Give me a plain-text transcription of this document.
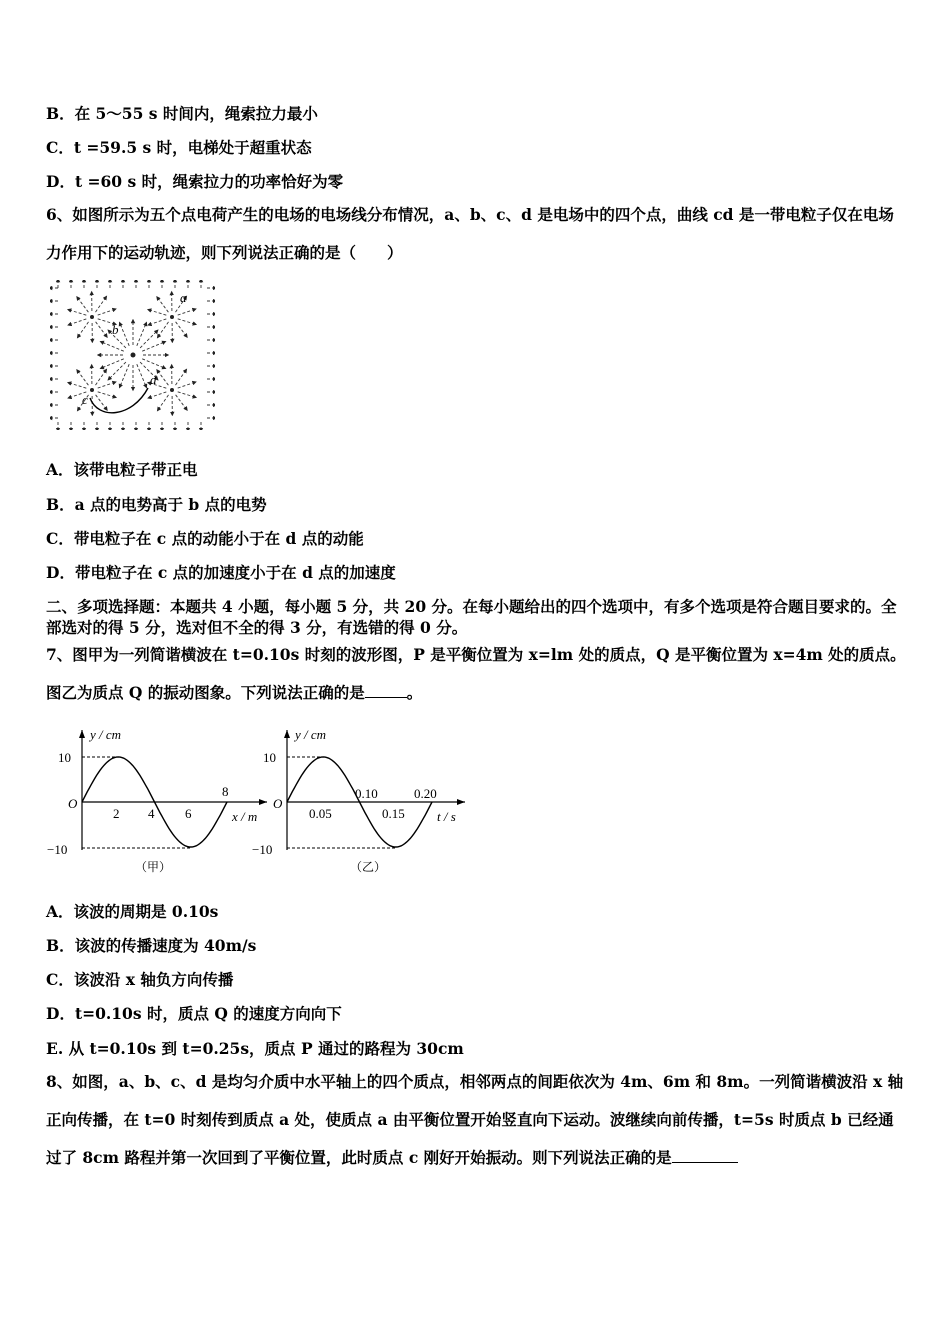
B．在 5～55 s 时间内，绳索拉力最小
C．t =59.5 s 时，电梯处于超重状态
D．t =60 s 时，绳索拉力的功率恰好为零
6、如图所示为五个点电荷产生的电场的电场线分布情况，a、b、c、d 是电场中的四个点，曲线 cd 是一带电粒子仅在电场力作用下的运动轨迹，则下列说法正确的是（　　）
a
b
c
d
A．该带电粒子带正电
B．a 点的电势高于 b 点的电势
C．带电粒子在 c 点的动能小于在 d 点的动能
D．带电粒子在 c 点的加速度小于在 d 点的加速度
二、多项选择题：本题共 4 小题，每小题 5 分，共 20 分。在每小题给出的四个选项中，有多个选项是符合题目要求的。全部选对的得 5 分，选对但不全的得 3 分，有选错的得 0 分。
7、图甲为一列简谐横波在 t=0.10s 时刻的波形图，P 是平衡位置为 x=lm 处的质点，Q 是平衡位置为 x=4m 处的质点。图乙为质点 Q 的振动图象。下列说法正确的是	。
y / cm
10
−10
O
2 4 6
8
x / m
（甲）
y / cm
10
−10
O
0.05	0.15
0.10	0.20
t / s
（乙）
A．该波的周期是 0.10s
B．该波的传播速度为 40m/s
C．该波沿 x 轴负方向传播
D．t=0.10s 时，质点 Q 的速度方向向下
E. 从 t=0.10s 到 t=0.25s，质点 P 通过的路程为 30cm
8、如图，a、b、c、d 是均匀介质中水平轴上的四个质点，相邻两点的间距依次为 4m、6m 和 8m。一列简谐横波沿 x 轴正向传播，在 t=0 时刻传到质点 a 处，使质点 a 由平衡位置开始竖直向下运动。波继续向前传播，t=5s 时质点 b 已经通过了 8cm 路程并第一次回到了平衡位置，此时质点 c 刚好开始振动。则下列说法正确的是
